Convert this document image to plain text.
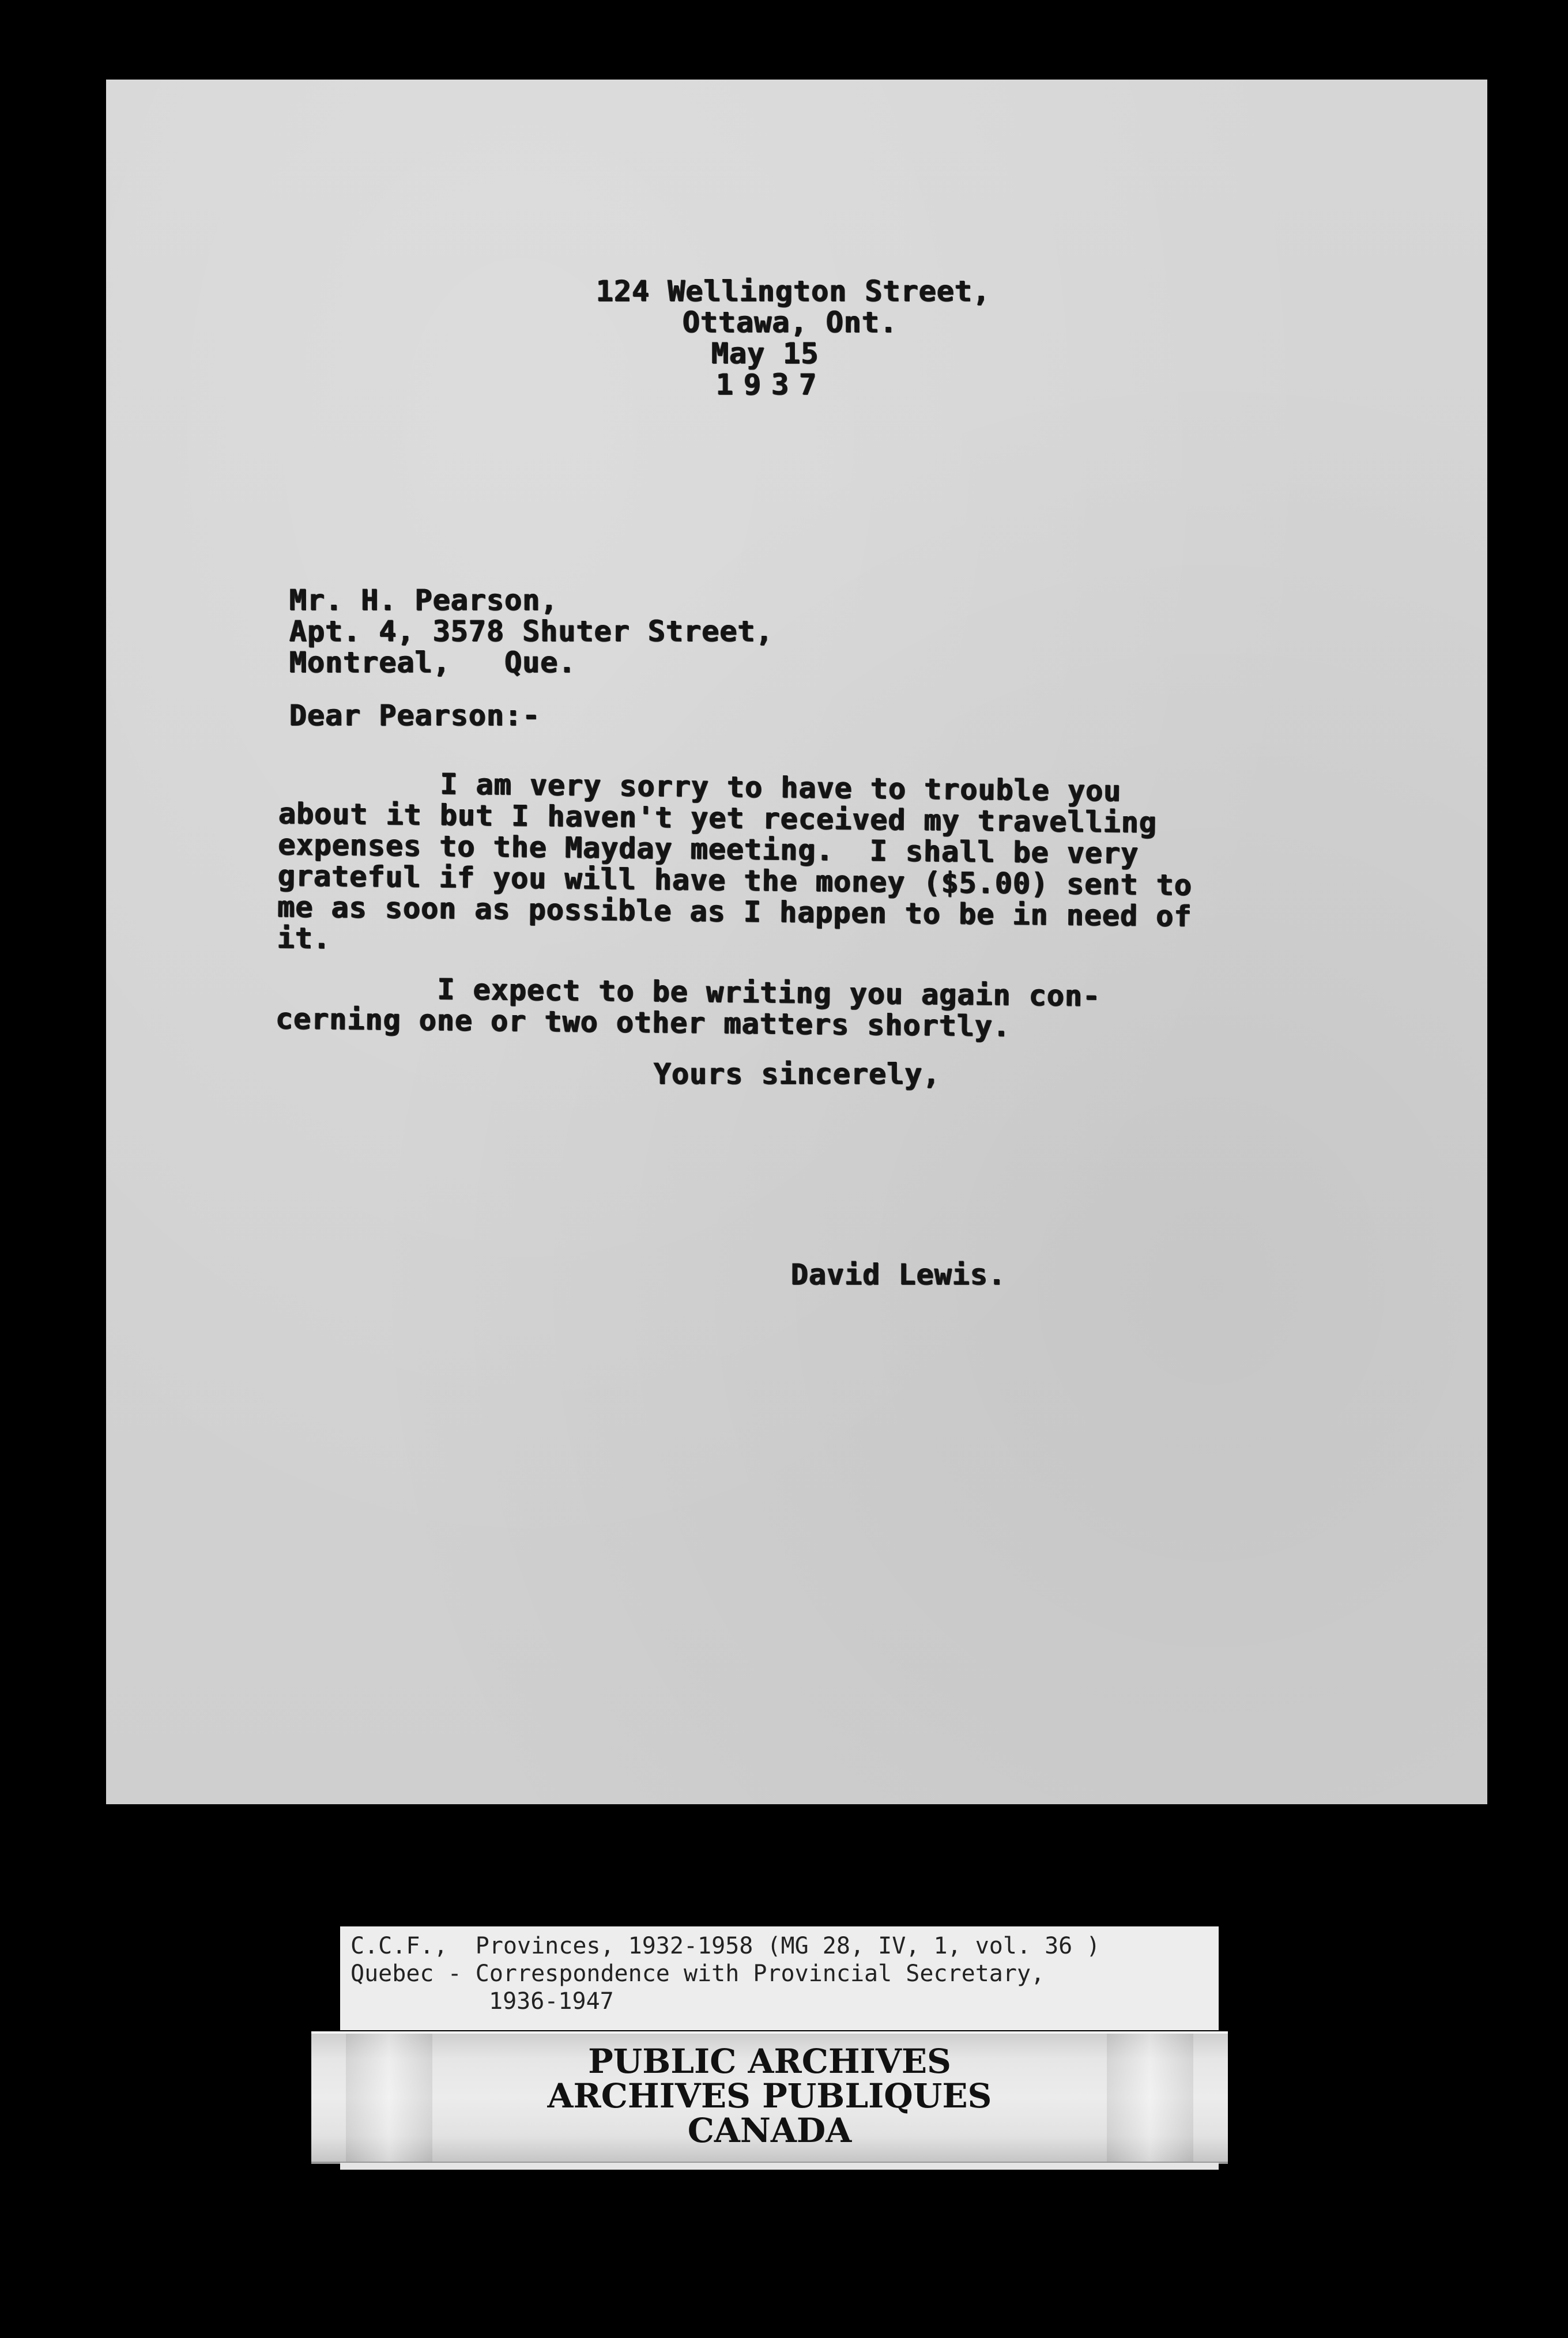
124 Wellington Street,

Ottawa, Ont.

May 15

1937

Mr. H. Pearson,
Apt. 4, 3578 Shuter Street,
Montreal,   Que.

Dear Pearson:-

I am very sorry to have to trouble you
about it but I haven't yet received my travelling
expenses to the Mayday meeting.  I shall be very
grateful if you will have the money ($5.00) sent to
me as soon as possible as I happen to be in need of
it.

I expect to be writing you again con-
cerning one or two other matters shortly.

Yours sincerely,

David Lewis.

C.C.F.,  Provinces, 1932-1958 (MG 28, IV, 1, vol. 36 )

Quebec - Correspondence with Provincial Secretary,

1936-1947

PUBLIC ARCHIVES

ARCHIVES PUBLIQUES

CANADA
